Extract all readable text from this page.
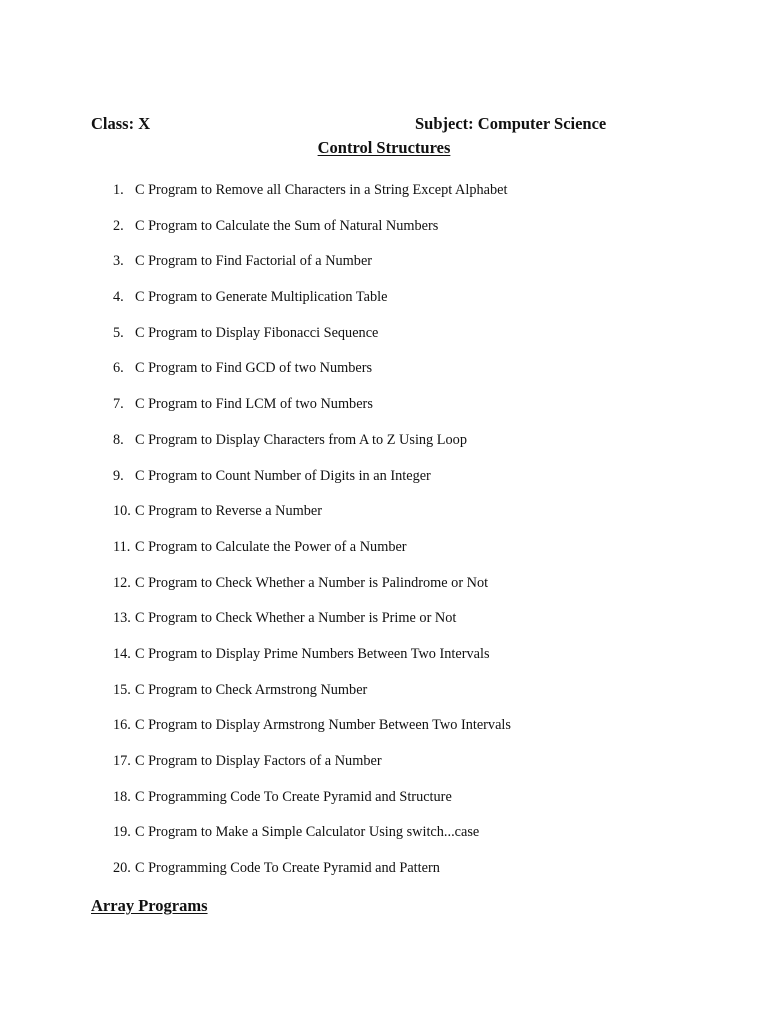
Class: X	Subject: Computer Science
Control Structures
1. C Program to Remove all Characters in a String Except Alphabet
2. C Program to Calculate the Sum of Natural Numbers
3. C Program to Find Factorial of a Number
4. C Program to Generate Multiplication Table
5. C Program to Display Fibonacci Sequence
6. C Program to Find GCD of two Numbers
7. C Program to Find LCM of two Numbers
8. C Program to Display Characters from A to Z Using Loop
9. C Program to Count Number of Digits in an Integer
10. C Program to Reverse a Number
11. C Program to Calculate the Power of a Number
12. C Program to Check Whether a Number is Palindrome or Not
13. C Program to Check Whether a Number is Prime or Not
14. C Program to Display Prime Numbers Between Two Intervals
15. C Program to Check Armstrong Number
16. C Program to Display Armstrong Number Between Two Intervals
17. C Program to Display Factors of a Number
18. C Programming Code To Create Pyramid and Structure
19. C Program to Make a Simple Calculator Using switch...case
20. C Programming Code To Create Pyramid and Pattern
Array Programs
